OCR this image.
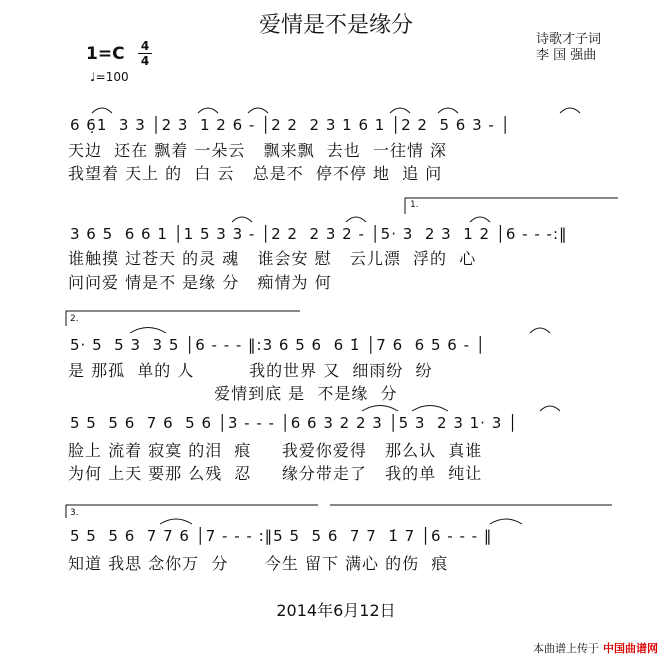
爱情是不是缘分
诗歌才子词
李 国 强曲
1=C 4
4
♩=100
6 6̣1  3 3 │2 3  1 2 6 ‑ │2 2  2 3 1 6 1 │2 2  5 6 3 ‑ │
天边  还在 飘着 一朵云   飘来飘  去也  一往情 深
我望着 天上 的  白 云   总是不  停不停 地  追 问
1.
3 6 5  6 6 1 │1 5 3 3 ‑ │2 2  2 3 2 ‑ │5· 3  2 3  1 2 │6 ‑ ‑ ‑:‖
谁触摸 过苍天 的灵 魂   谁会安 慰   云儿漂  浮的  心
问问爱 情是不 是缘 分   痴情为 何
2.
5· 5  5 3  3 5 │6 ‑ ‑ ‑ ‖:3 6 5 6  6 1̇ │7 6  6 5 6 ‑ │
是 那孤  单的 人         我的世界 又  细雨纷  纷
爱情到底 是  不是缘  分
5 5  5 6  7 6  5 6 │3 ‑ ‑ ‑ │6 6 3 2 2 3 │5 3  2 3 1· 3 │
脸上 流着 寂寞 的泪  痕     我爱你爱得   那么认  真谁
为何 上天 要那 么残  忍     缘分带走了   我的单  纯让
3.
5 5  5 6  7 7 6 │7 ‑ ‑ ‑ :‖5 5  5 6  7 7  1̇ 7 │6 ‑ ‑ ‑ ‖
知道 我思 念你万  分      今生 留下 满心 的伤  痕
2014年6月12日
本曲谱上传于 中国曲谱网
